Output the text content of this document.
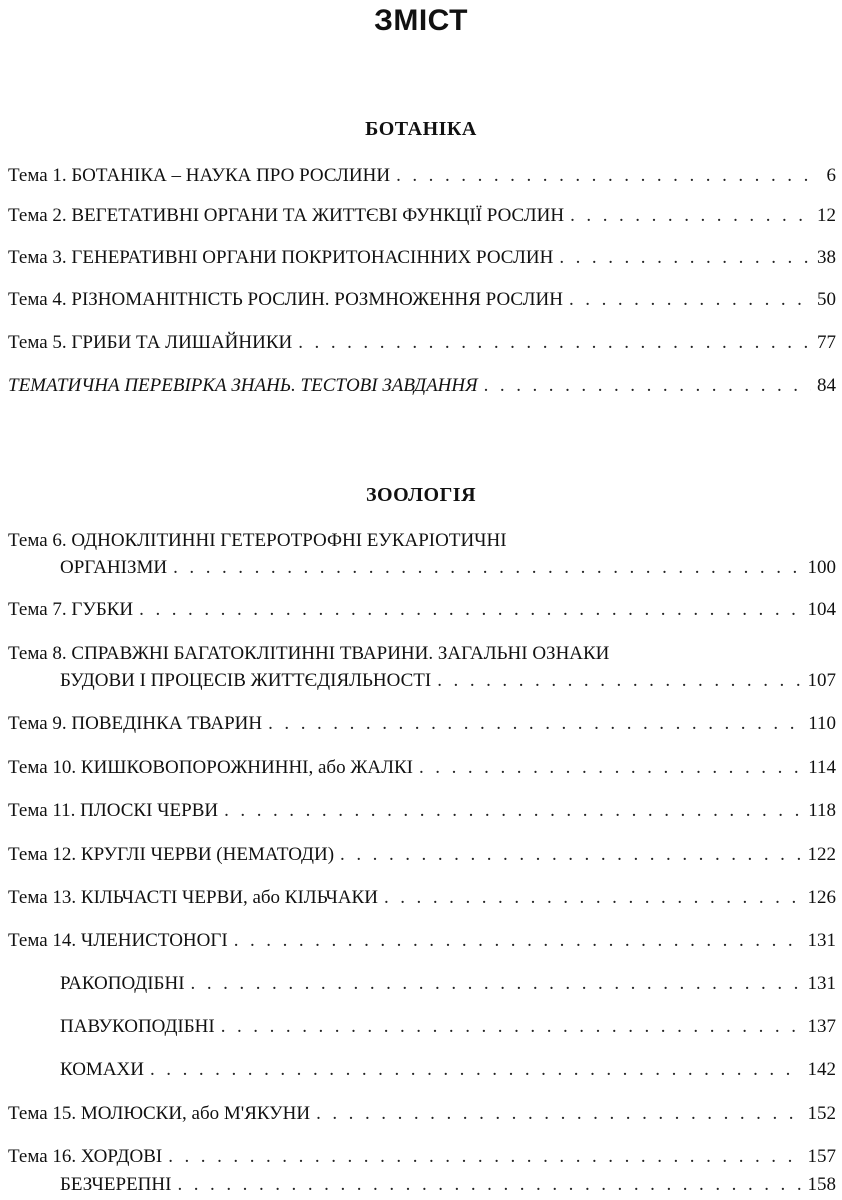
ЗМІСТ
БОТАНІКА
Тема 1. БОТАНІКА – НАУКА ПРО РОСЛИНИ . . .	6
Тема 2. ВЕГЕТАТИВНІ ОРГАНИ ТА ЖИТТЄВІ ФУНКЦІЇ РОСЛИН . . .	12
Тема 3. ГЕНЕРАТИВНІ ОРГАНИ ПОКРИТОНАСІННИХ РОСЛИН . . .	38
Тема 4. РІЗНОМАНІТНІСТЬ РОСЛИН. РОЗМНОЖЕННЯ РОСЛИН . . .	50
Тема 5. ГРИБИ ТА ЛИШАЙНИКИ . . .	77
ТЕМАТИЧНА ПЕРЕВІРКА ЗНАНЬ. ТЕСТОВІ ЗАВДАННЯ . . .	84
ЗООЛОГІЯ
Тема 6. ОДНОКЛІТИННІ ГЕТЕРОТРОФНІ ЕУКАРІОТИЧНІ
ОРГАНІЗМИ . . .	100
Тема 7. ГУБКИ . . .	104
Тема 8. СПРАВЖНІ БАГАТОКЛІТИННІ ТВАРИНИ. ЗАГАЛЬНІ ОЗНАКИ
БУДОВИ І ПРОЦЕСІВ ЖИТТЄДІЯЛЬНОСТІ . . .	107
Тема 9. ПОВЕДІНКА ТВАРИН . . .	110
Тема 10. КИШКОВОПОРОЖНИННІ, або ЖАЛКІ . . .	114
Тема 11. ПЛОСКІ ЧЕРВИ . . .	118
Тема 12. КРУГЛІ ЧЕРВИ (НЕМАТОДИ) . . .	122
Тема 13. КІЛЬЧАСТІ ЧЕРВИ, або КІЛЬЧАКИ . . .	126
Тема 14. ЧЛЕНИСТОНОГІ . . .	131
РАКОПОДІБНІ . . .	131
ПАВУКОПОДІБНІ . . .	137
КОМАХИ . . .	142
Тема 15. МОЛЮСКИ, або М'ЯКУНИ . . .	152
Тема 16. ХОРДОВІ . . .	157
БЕЗЧЕРЕПНІ . . .	158
